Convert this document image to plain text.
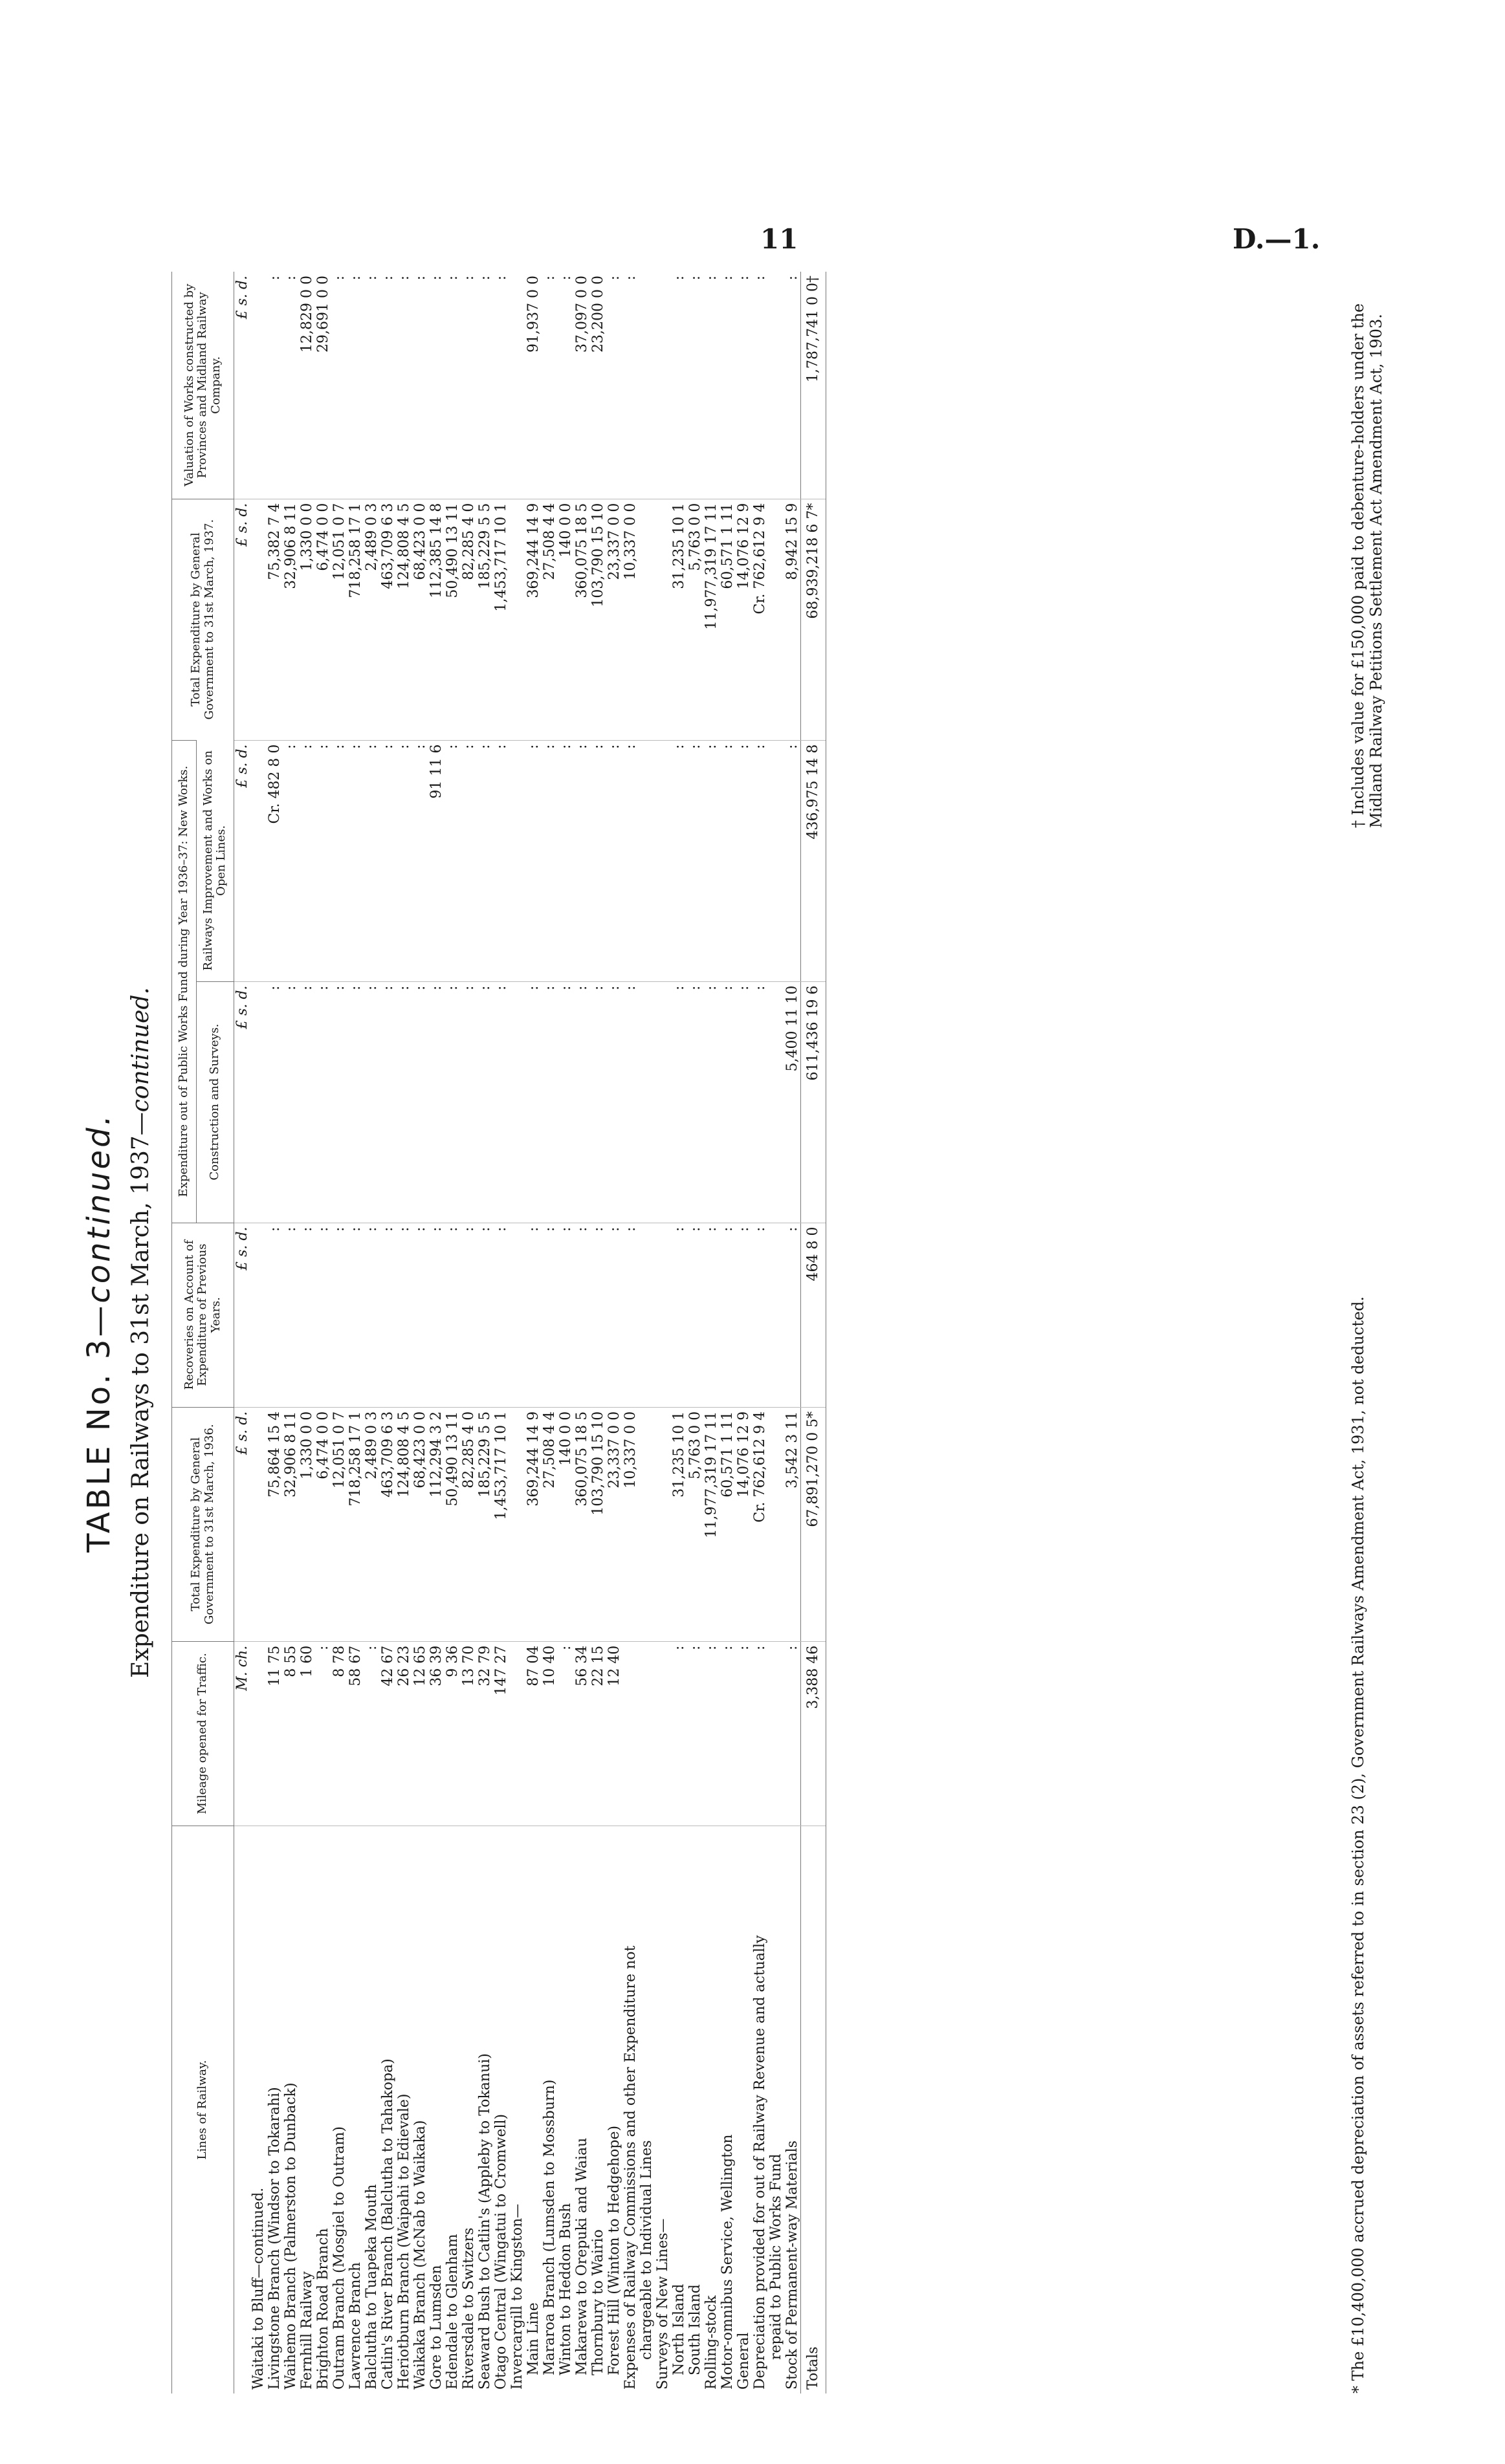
11	D.—1.
TABLE No. 3—continued. Expenditure on Railways to 31st March, 1937—continued.
Lines of Railway.	Mileage opened for Traffic.	Total Expenditure by General Government to 31st March, 1936.	Recoveries on Account of Expenditure of Previous Years.	Expenditure out of Public Works Fund during Year 1936–37: New Works.		Total Expenditure by General Government to 31st March, 1937.	Valuation of Works constructed by Provinces and Midland Railway Company.
				Construction and Surveys.	Railways Improvement and Works on Open Lines.		
	M. ch.	£ s. d.	£ s. d.	£ s. d.	£ s. d.	£ s. d.	£ s. d.
Waitaki to Bluff—continued.							
Livingstone Branch (Windsor to Tokarahi)	11 75	75,864 15 4	:	:	Cr. 482 8 0	75,382 7 4	:
Waihemo Branch (Palmerston to Dunback)	8 55	32,906 8 11	:	:	:	32,906 8 11	:
Fernhill Railway	1 60	1,330 0 0	:	:	:	1,330 0 0	12,829 0 0
Brighton Road Branch	:	6,474 0 0	:	:	:	6,474 0 0	29,691 0 0
Outram Branch (Mosgiel to Outram)	8 78	12,051 0 7	:	:	:	12,051 0 7	:
Lawrence Branch	58 67	718,258 17 1	:	:	:	718,258 17 1	:
Balclutha to Tuapeka Mouth	:	2,489 0 3	:	:	:	2,489 0 3	:
Catlin's River Branch (Balclutha to Tahakopa)	42 67	463,709 6 3	:	:	:	463,709 6 3	:
Heriotburn Branch (Waipahi to Edievale)	26 23	124,808 4 5	:	:	:	124,808 4 5	:
Waikaka Branch (McNab to Waikaka)	12 65	68,423 0 0	:	:	:	68,423 0 0	:
Gore to Lumsden	36 39	112,294 3 2	:	:	91 11 6	112,385 14 8	:
Edendale to Glenham	9 36	50,490 13 11	:	:	:	50,490 13 11	:
Riversdale to Switzers	13 70	82,285 4 0	:	:	:	82,285 4 0	:
Seaward Bush to Catlin's (Appleby to Tokanui)	32 79	185,229 5 5	:	:	:	185,229 5 5	:
Otago Central (Wingatui to Cromwell)	147 27	1,453,717 10 1	:	:	:	1,453,717 10 1	:
Invercargill to Kingston—							
Main Line	87 04	369,244 14 9	:	:	:	369,244 14 9	91,937 0 0
Mararoa Branch (Lumsden to Mossburn)	10 40	27,508 4 4	:	:	:	27,508 4 4	:
Winton to Heddon Bush	:	140 0 0	:	:	:	140 0 0	:
Makarewa to Orepuki and Waiau	56 34	360,075 18 5	:	:	:	360,075 18 5	37,097 0 0
Thornbury to Wairio	22 15	103,790 15 10	:	:	:	103,790 15 10	23,200 0 0
Forest Hill (Winton to Hedgehope)	12 40	23,337 0 0	:	:	:	23,337 0 0	:
Expenses of Railway Commissions and other Expenditure not		10,337 0 0	:	:	:	10,337 0 0	:
chargeable to Individual Lines							
Surveys of New Lines—							
North Island	:	31,235 10 1	:	:	:	31,235 10 1	:
South Island	:	5,763 0 0	:	:	:	5,763 0 0	:
Rolling-stock	:	11,977,319 17 11	:	:	:	11,977,319 17 11	:
Motor-omnibus Service, Wellington	:	60,571 1 11	:	:	:	60,571 1 11	:
General	:	14,076 12 9	:	:	:	14,076 12 9	:
Depreciation provided for out of Railway Revenue and actually	:	Cr. 762,612 9 4	:	:	:	Cr. 762,612 9 4	:
repaid to Public Works Fund							
Stock of Permanent-way Materials	:	3,542 3 11	:	5,400 11 10	:	8,942 15 9	:
Totals	3,388 46	67,891,270 0 5*	464 8 0	611,436 19 6	436,975 14 8	68,939,218 6 7*	1,787,741 0 0†
* The £10,400,000 accrued depreciation of assets referred to in section 23 (2), Government Railways Amendment Act, 1931, not deducted.
† Includes value for £150,000 paid to debenture-holders under the Midland Railway Petitions Settlement Act Amendment Act, 1903.
